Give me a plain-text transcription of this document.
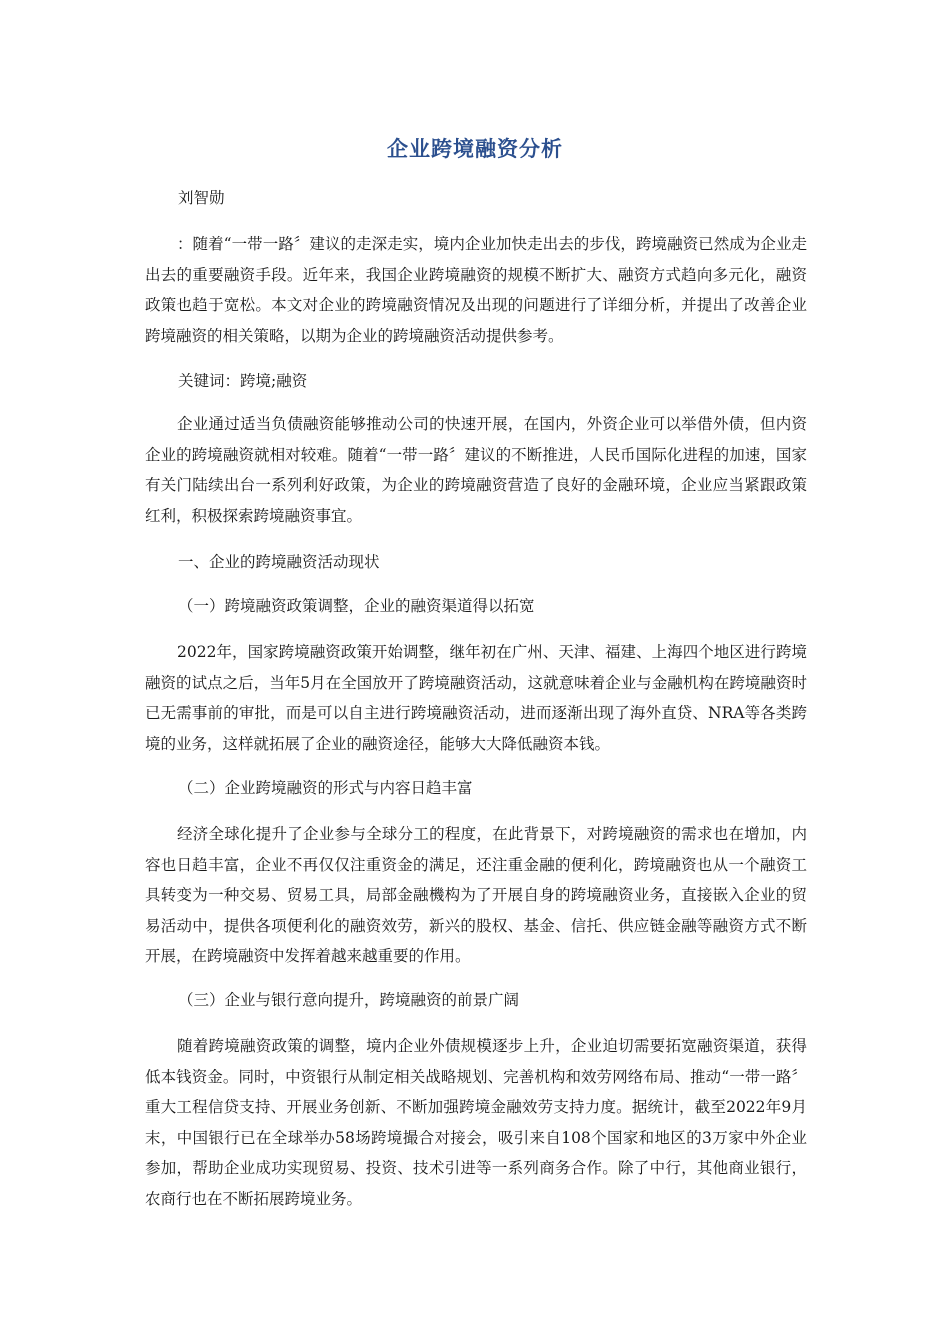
企业跨境融资分析

刘智勋

：随着“一带一路〞建议的走深走实，境内企业加快走出去的步伐，跨境融资已然成为企业走出去的重要融资手段。近年来，我国企业跨境融资的规模不断扩大、融资方式趋向多元化，融资政策也趋于宽松。本文对企业的跨境融资情况及出现的问题进行了详细分析，并提出了改善企业跨境融资的相关策略，以期为企业的跨境融资活动提供参考。

关键词：跨境;融资

企业通过适当负债融资能够推动公司的快速开展，在国内，外资企业可以举借外债，但内资企业的跨境融资就相对较难。随着“一带一路〞建议的不断推进，人民币国际化进程的加速，国家有关门陆续出台一系列利好政策，为企业的跨境融资营造了良好的金融环境，企业应当紧跟政策红利，积极探索跨境融资事宜。

一、企业的跨境融资活动现状

（一）跨境融资政策调整，企业的融资渠道得以拓宽

2022年，国家跨境融资政策开始调整，继年初在广州、天津、福建、上海四个地区进行跨境融资的试点之后，当年5月在全国放开了跨境融资活动，这就意味着企业与金融机构在跨境融资时已无需事前的审批，而是可以自主进行跨境融资活动，进而逐渐出现了海外直贷、NRA等各类跨境的业务，这样就拓展了企业的融资途径，能够大大降低融资本钱。

（二）企业跨境融资的形式与内容日趋丰富

经济全球化提升了企业参与全球分工的程度，在此背景下，对跨境融资的需求也在增加，内容也日趋丰富，企业不再仅仅注重资金的满足，还注重金融的便利化，跨境融资也从一个融资工具转变为一种交易、贸易工具，局部金融機构为了开展自身的跨境融资业务，直接嵌入企业的贸易活动中，提供各项便利化的融资效劳，新兴的股权、基金、信托、供应链金融等融资方式不断开展，在跨境融资中发挥着越来越重要的作用。

（三）企业与银行意向提升，跨境融资的前景广阔

随着跨境融资政策的调整，境内企业外债规模逐步上升，企业迫切需要拓宽融资渠道，获得低本钱资金。同时，中资银行从制定相关战略规划、完善机构和效劳网络布局、推动“一带一路〞重大工程信贷支持、开展业务创新、不断加强跨境金融效劳支持力度。据统计，截至2022年9月末，中国银行已在全球举办58场跨境撮合对接会，吸引来自108个国家和地区的3万家中外企业参加，帮助企业成功实现贸易、投资、技术引进等一系列商务合作。除了中行，其他商业银行，农商行也在不断拓展跨境业务。
